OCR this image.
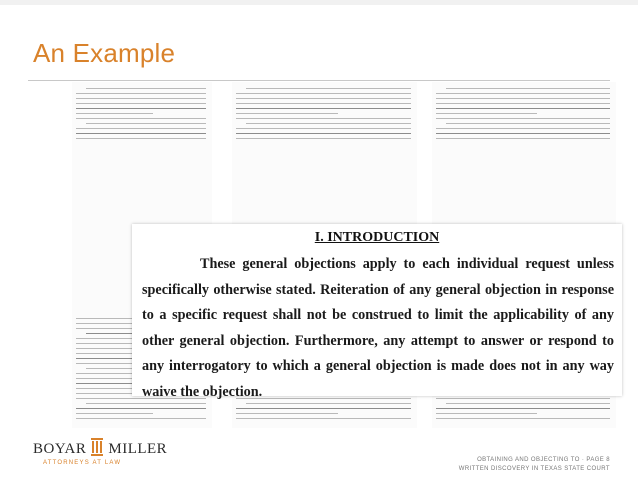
An Example
I. INTRODUCTION
These general objections apply to each individual request unless specifically otherwise stated. Reiteration of any general objection in response to a specific request shall not be construed to limit the applicability of any other general objection. Furthermore, any attempt to answer or respond to any interrogatory to which a general objection is made does not in any way waive the objection.
BOYAR MILLER
ATTORNEYS AT LAW	OBTAINING AND OBJECTING TO · PAGE 8
WRITTEN DISCOVERY IN TEXAS STATE COURT
